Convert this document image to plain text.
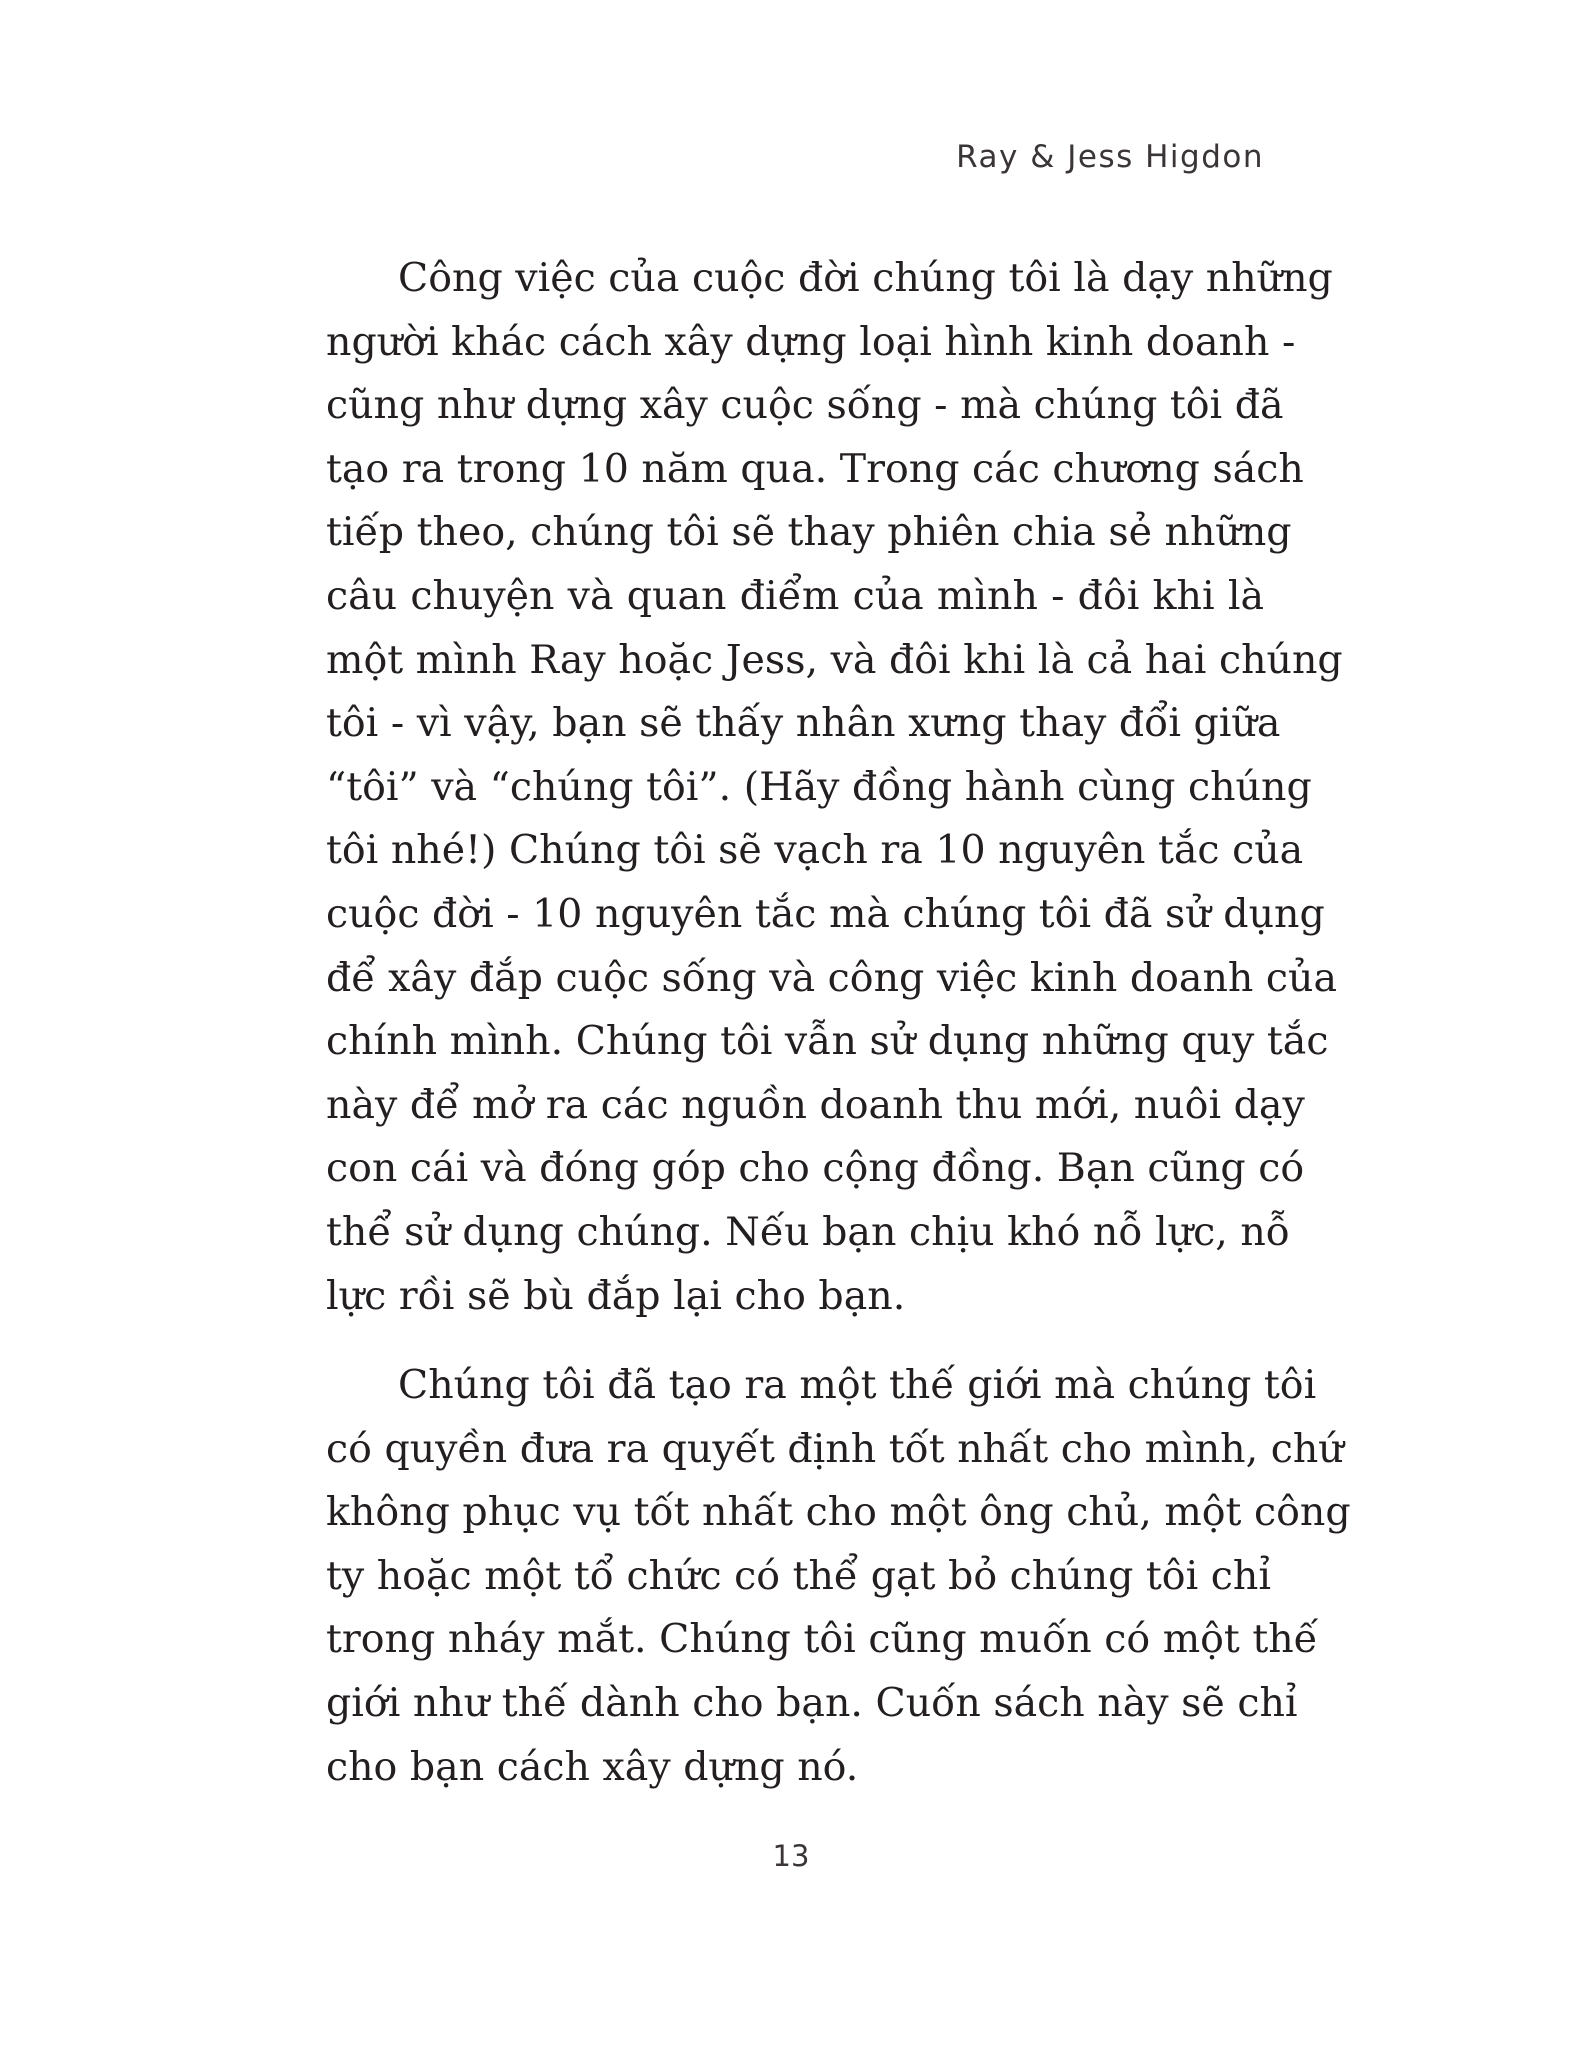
Ray & Jess Higdon

Công việc của cuộc đời chúng tôi là dạy những
người khác cách xây dựng loại hình kinh doanh -
cũng như dựng xây cuộc sống - mà chúng tôi đã
tạo ra trong 10 năm qua. Trong các chương sách
tiếp theo, chúng tôi sẽ thay phiên chia sẻ những
câu chuyện và quan điểm của mình - đôi khi là
một mình Ray hoặc Jess, và đôi khi là cả hai chúng
tôi - vì vậy, bạn sẽ thấy nhân xưng thay đổi giữa
“tôi” và “chúng tôi”. (Hãy đồng hành cùng chúng
tôi nhé!) Chúng tôi sẽ vạch ra 10 nguyên tắc của
cuộc đời - 10 nguyên tắc mà chúng tôi đã sử dụng
để xây đắp cuộc sống và công việc kinh doanh của
chính mình. Chúng tôi vẫn sử dụng những quy tắc
này để mở ra các nguồn doanh thu mới, nuôi dạy
con cái và đóng góp cho cộng đồng. Bạn cũng có
thể sử dụng chúng. Nếu bạn chịu khó nỗ lực, nỗ
lực rồi sẽ bù đắp lại cho bạn.

Chúng tôi đã tạo ra một thế giới mà chúng tôi
có quyền đưa ra quyết định tốt nhất cho mình, chứ
không phục vụ tốt nhất cho một ông chủ, một công
ty hoặc một tổ chức có thể gạt bỏ chúng tôi chỉ
trong nháy mắt. Chúng tôi cũng muốn có một thế
giới như thế dành cho bạn. Cuốn sách này sẽ chỉ
cho bạn cách xây dựng nó.

13
